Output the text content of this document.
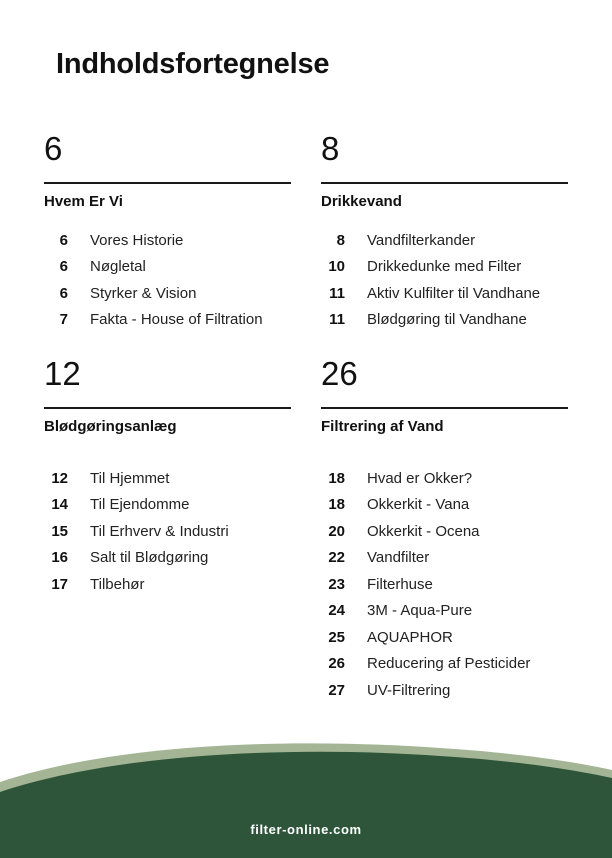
Indholdsfortegnelse
6
Hvem Er Vi
6 Vores Historie
6 Nøgletal
6 Styrker & Vision
7 Fakta - House of Filtration
8
Drikkevand
8 Vandfilterkander
10 Drikkedunke med Filter
11 Aktiv Kulfilter til Vandhane
11 Blødgøring til Vandhane
12
Blødgøringsanlæg
12 Til Hjemmet
14 Til Ejendomme
15 Til Erhverv & Industri
16 Salt til Blødgøring
17 Tilbehør
26
Filtrering af Vand
18 Hvad er Okker?
18 Okkerkit - Vana
20 Okkerkit - Ocena
22 Vandfilter
23 Filterhuse
24 3M - Aqua-Pure
25 AQUAPHOR
26 Reducering af Pesticider
27 UV-Filtrering
filter-online.com
